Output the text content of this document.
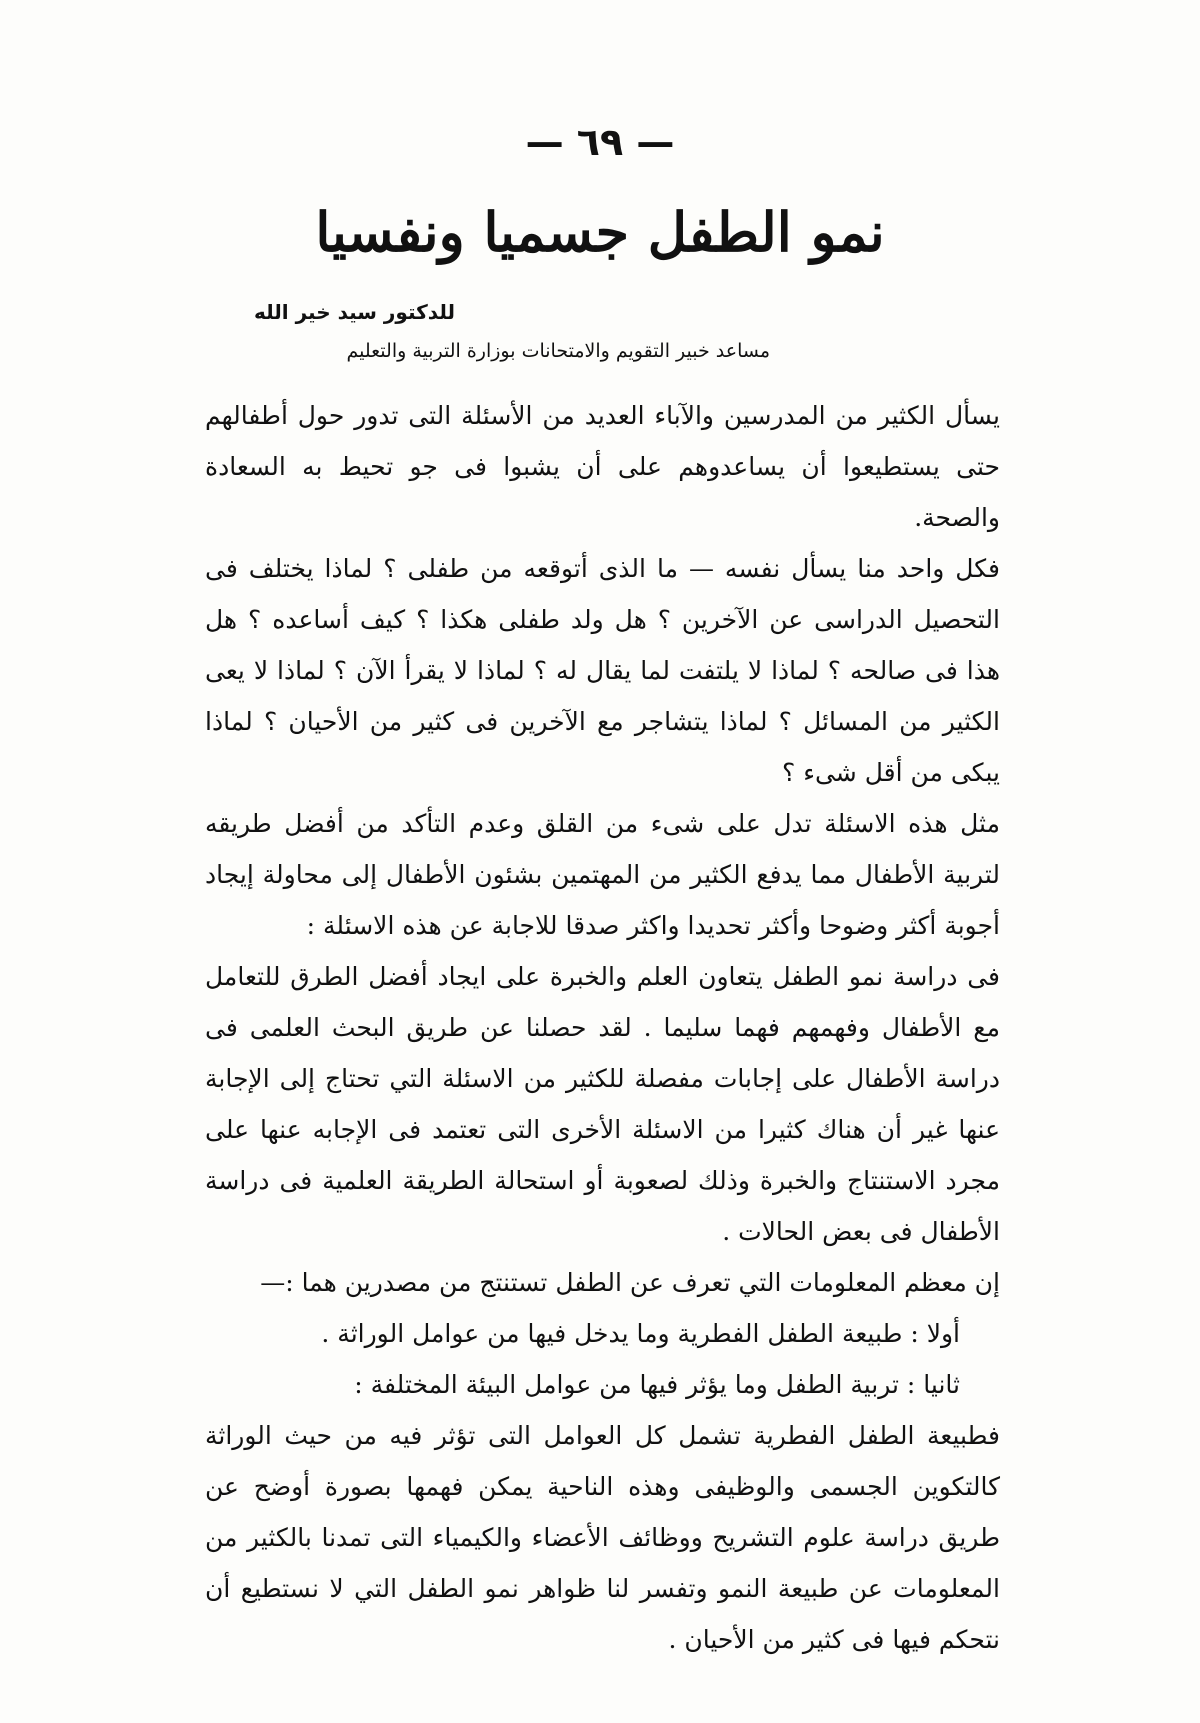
— ٦٩ —
نمو الطفل جسميا ونفسيا
للدكتور سيد خير الله
مساعد خبير التقويم والامتحانات بوزارة التربية والتعليم

يسأل الكثير من المدرسين والآباء العديد من الأسئلة التى تدور حول أطفالهم حتى يستطيعوا أن يساعدوهم على أن يشبوا فى جو تحيط به السعادة والصحة.

فكل واحد منا يسأل نفسه — ما الذى أتوقعه من طفلى ؟ لماذا يختلف فى التحصيل الدراسى عن الآخرين ؟ هل ولد طفلى هكذا ؟ كيف أساعده ؟ هل هذا فى صالحه ؟ لماذا لا يلتفت لما يقال له ؟ لماذا لا يقرأ الآن ؟ لماذا لا يعى الكثير من المسائل ؟ لماذا يتشاجر مع الآخرين فى كثير من الأحيان ؟ لماذا يبكى من أقل شىء ؟

مثل هذه الاسئلة تدل على شىء من القلق وعدم التأكد من أفضل طريقه لتربية الأطفال مما يدفع الكثير من المهتمين بشئون الأطفال إلى محاولة إيجاد أجوبة أكثر وضوحا وأكثر تحديدا واكثر صدقا للاجابة عن هذه الاسئلة :

فى دراسة نمو الطفل يتعاون العلم والخبرة على ايجاد أفضل الطرق للتعامل مع الأطفال وفهمهم فهما سليما . لقد حصلنا عن طريق البحث العلمى فى دراسة الأطفال على إجابات مفصلة للكثير من الاسئلة التي تحتاج إلى الإجابة عنها غير أن هناك كثيرا من الاسئلة الأخرى التى تعتمد فى الإجابه عنها على مجرد الاستنتاج والخبرة وذلك لصعوبة أو استحالة الطريقة العلمية فى دراسة الأطفال فى بعض الحالات .

إن معظم المعلومات التي تعرف عن الطفل تستنتج من مصدرين هما :—

أولا : طبيعة الطفل الفطرية وما يدخل فيها من عوامل الوراثة .

ثانيا : تربية الطفل وما يؤثر فيها من عوامل البيئة المختلفة :

فطبيعة الطفل الفطرية تشمل كل العوامل التى تؤثر فيه من حيث الوراثة كالتكوين الجسمى والوظيفى وهذه الناحية يمكن فهمها بصورة أوضح عن طريق دراسة علوم التشريح ووظائف الأعضاء والكيمياء التى تمدنا بالكثير من المعلومات عن طبيعة النمو وتفسر لنا ظواهر نمو الطفل التي لا نستطيع أن نتحكم فيها فى كثير من الأحيان .
